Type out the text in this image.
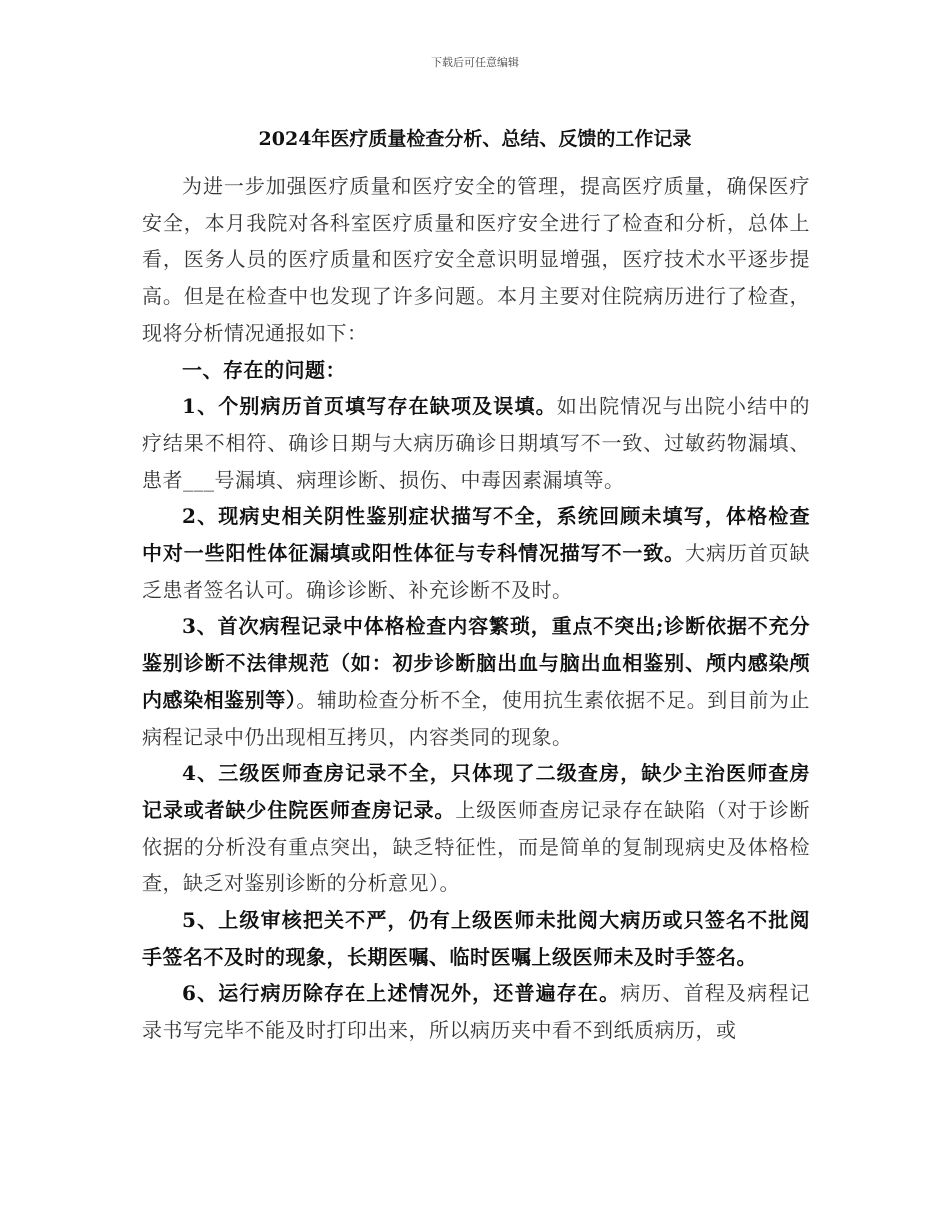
下载后可任意编辑
2024年医疗质量检查分析、总结、反馈的工作记录

为进一步加强医疗质量和医疗安全的管理，提高医疗质量，确保医疗安全，本月我院对各科室医疗质量和医疗安全进行了检查和分析，总体上看，医务人员的医疗质量和医疗安全意识明显增强，医疗技术水平逐步提高。但是在检查中也发现了许多问题。本月主要对住院病历进行了检查，现将分析情况通报如下：

一、存在的问题：

1、个别病历首页填写存在缺项及误填。如出院情况与出院小结中的疗结果不相符、确诊日期与大病历确诊日期填写不一致、过敏药物漏填、患者___号漏填、病理诊断、损伤、中毒因素漏填等。

2、现病史相关阴性鉴别症状描写不全，系统回顾未填写，体格检查中对一些阳性体征漏填或阳性体征与专科情况描写不一致。大病历首页缺乏患者签名认可。确诊诊断、补充诊断不及时。

3、首次病程记录中体格检查内容繁琐，重点不突出;诊断依据不充分鉴别诊断不法律规范（如：初步诊断脑出血与脑出血相鉴别、颅内感染颅内感染相鉴别等）。辅助检查分析不全，使用抗生素依据不足。到目前为止病程记录中仍出现相互拷贝，内容类同的现象。

4、三级医师查房记录不全，只体现了二级查房，缺少主治医师查房记录或者缺少住院医师查房记录。上级医师查房记录存在缺陷（对于诊断依据的分析没有重点突出，缺乏特征性，而是简单的复制现病史及体格检查，缺乏对鉴别诊断的分析意见）。

5、上级审核把关不严，仍有上级医师未批阅大病历或只签名不批阅手签名不及时的现象，长期医嘱、临时医嘱上级医师未及时手签名。

6、运行病历除存在上述情况外，还普遍存在。病历、首程及病程记录书写完毕不能及时打印出来，所以病历夹中看不到纸质病历，或
